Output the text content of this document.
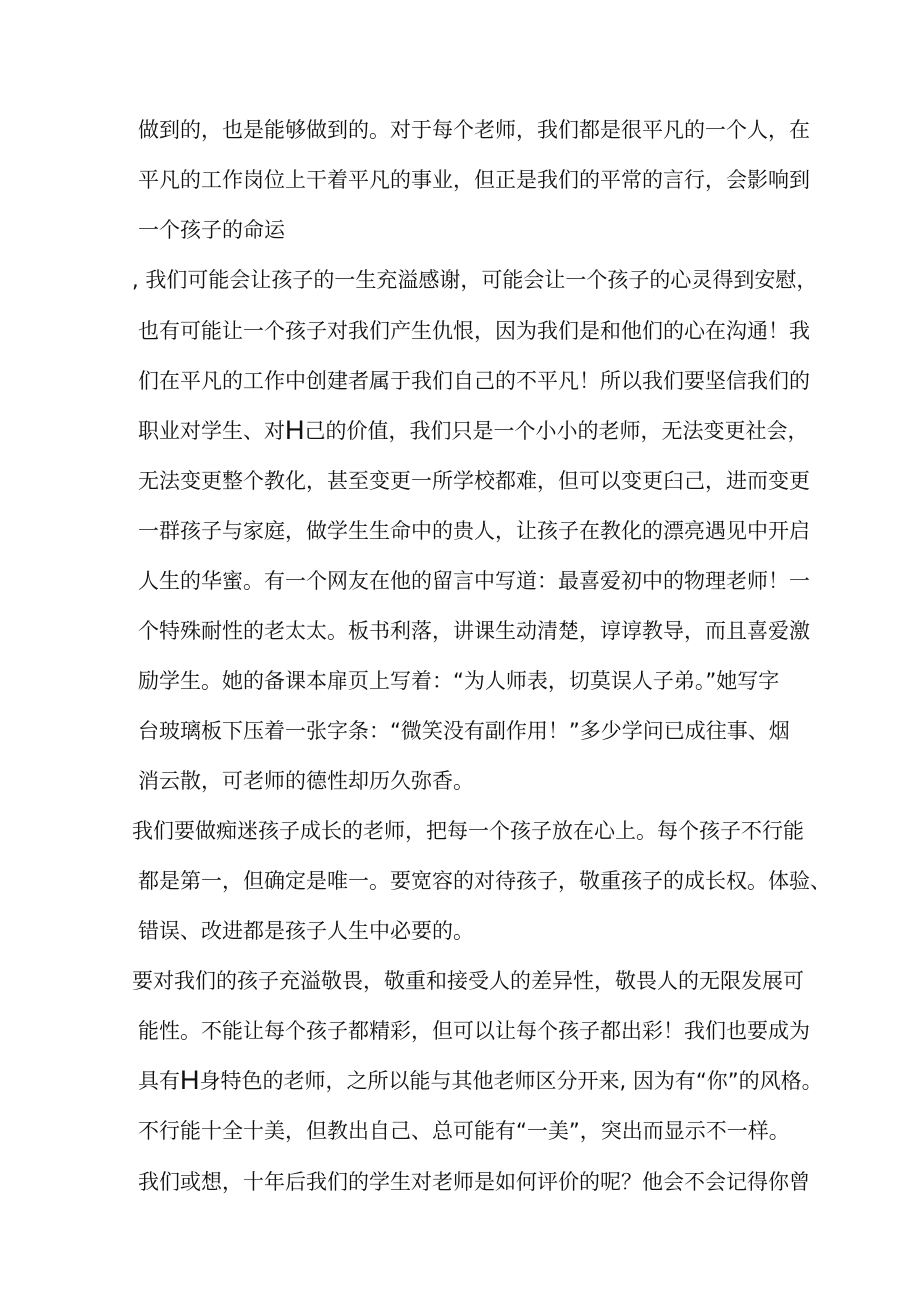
做到的，也是能够做到的。对于每个老师，我们都是很平凡的一个人，在
平凡的工作岗位上干着平凡的事业，但正是我们的平常的言行，会影响到
一个孩子的命运
, 我们可能会让孩子的一生充溢感谢，可能会让一个孩子的心灵得到安慰，
也有可能让一个孩子对我们产生仇恨，因为我们是和他们的心在沟通！我
们在平凡的工作中创建者属于我们自己的不平凡！所以我们要坚信我们的
职业对学生、对H己的价值，我们只是一个小小的老师，无法变更社会，
无法变更整个教化，甚至变更一所学校都难，但可以变更臼己，进而变更
一群孩子与家庭，做学生生命中的贵人，让孩子在教化的漂亮遇见中开启
人生的华蜜。有一个网友在他的留言中写道：最喜爱初中的物理老师！一
个特殊耐性的老太太。板书利落，讲课生动清楚，谆谆教导，而且喜爱激
励学生。她的备课本扉页上写着：“为人师表，切莫误人子弟。”她写字
台玻璃板下压着一张字条：“微笑没有副作用！”多少学问已成往事、烟
消云散，可老师的德性却历久弥香。
我们要做痴迷孩子成长的老师，把每一个孩子放在心上。每个孩子不行能
都是第一，但确定是唯一。要宽容的对待孩子，敬重孩子的成长权。体验、
错误、改进都是孩子人生中必要的。
要对我们的孩子充溢敬畏，敬重和接受人的差异性，敬畏人的无限发展可
能性。不能让每个孩子都精彩，但可以让每个孩子都出彩！我们也要成为
具有H身特色的老师，之所以能与其他老师区分开来, 因为有“你”的风格。
不行能十全十美，但教出自己、总可能有“一美”，突出而显示不一样。
我们或想，十年后我们的学生对老师是如何评价的呢？他会不会记得你曾
